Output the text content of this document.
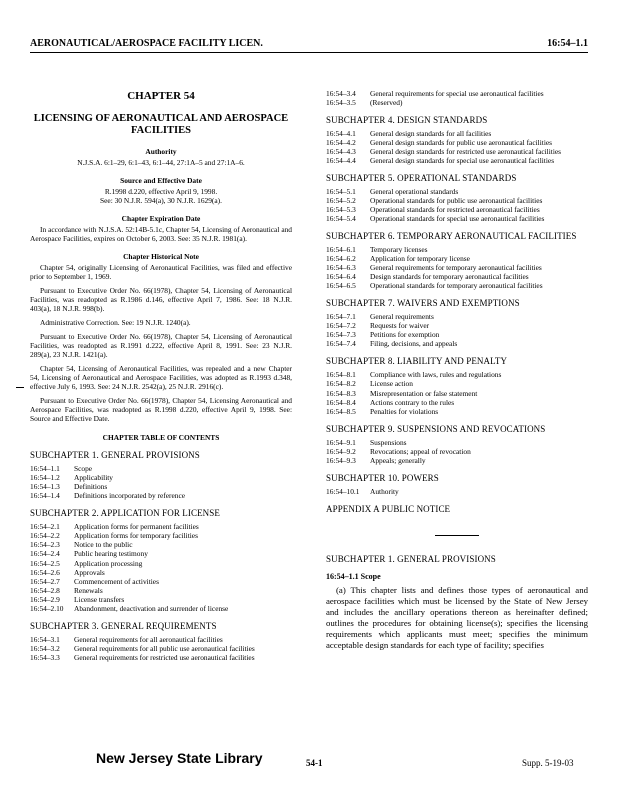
AERONAUTICAL/AEROSPACE FACILITY LICEN.	16:54–1.1
CHAPTER 54
LICENSING OF AERONAUTICAL AND AEROSPACE FACILITIES
Authority
N.J.S.A. 6:1–29, 6:1–43, 6:1–44, 27:1A–5 and 27:1A–6.
Source and Effective Date
R.1998 d.220, effective April 9, 1998.
See: 30 N.J.R. 594(a), 30 N.J.R. 1629(a).
Chapter Expiration Date

In accordance with N.J.S.A. 52:14B-5.1c, Chapter 54, Licensing of Aeronautical and Aerospace Facilities, expires on October 6, 2003. See: 35 N.J.R. 1981(a).

Chapter Historical Note

Chapter 54, originally Licensing of Aeronautical Facilities, was filed and effective prior to September 1, 1969.

Pursuant to Executive Order No. 66(1978), Chapter 54, Licensing of Aeronautical Facilities, was readopted as R.1986 d.146, effective April 7, 1986. See: 18 N.J.R. 403(a), 18 N.J.R. 998(b).

Administrative Correction. See: 19 N.J.R. 1240(a).

Pursuant to Executive Order No. 66(1978), Chapter 54, Licensing of Aeronautical Facilities, was readopted as R.1991 d.222, effective April 8, 1991. See: 23 N.J.R. 289(a), 23 N.J.R. 1421(a).

Chapter 54, Licensing of Aeronautical Facilities, was repealed and a new Chapter 54, Licensing of Aeronautical and Aerospace Facilities, was adopted as R.1993 d.348, effective July 6, 1993. See: 24 N.J.R. 2542(a), 25 N.J.R. 2916(c).

Pursuant to Executive Order No. 66(1978), Chapter 54, Licensing Aeronautical and Aerospace Facilities, was readopted as R.1998 d.220, effective April 9, 1998. See: Source and Effective Date.

CHAPTER TABLE OF CONTENTS
SUBCHAPTER 1. GENERAL PROVISIONS
16:54–1.1	Scope
16:54–1.2	Applicability
16:54–1.3	Definitions
16:54–1.4	Definitions incorporated by reference
SUBCHAPTER 2. APPLICATION FOR LICENSE
16:54–2.1	Application forms for permanent facilities
16:54–2.2	Application forms for temporary facilities
16:54–2.3	Notice to the public
16:54–2.4	Public hearing testimony
16:54–2.5	Application processing
16:54–2.6	Approvals
16:54–2.7	Commencement of activities
16:54–2.8	Renewals
16:54–2.9	License transfers
16:54–2.10	Abandonment, deactivation and surrender of license
SUBCHAPTER 3. GENERAL REQUIREMENTS
16:54–3.1	General requirements for all aeronautical facilities
16:54–3.2	General requirements for all public use aeronautical facilities
16:54–3.3	General requirements for restricted use aeronautical facilities
16:54–3.4	General requirements for special use aeronautical facilities
16:54–3.5	(Reserved)
SUBCHAPTER 4. DESIGN STANDARDS
16:54–4.1	General design standards for all facilities
16:54–4.2	General design standards for public use aeronautical facilities
16:54–4.3	General design standards for restricted use aeronautical facilities
16:54–4.4	General design standards for special use aeronautical facilities
SUBCHAPTER 5. OPERATIONAL STANDARDS
16:54–5.1	General operational standards
16:54–5.2	Operational standards for public use aeronautical facilities
16:54–5.3	Operational standards for restricted aeronautical facilities
16:54–5.4	Operational standards for special use aeronautical facilities
SUBCHAPTER 6. TEMPORARY AERONAUTICAL FACILITIES
16:54–6.1	Temporary licenses
16:54–6.2	Application for temporary license
16:54–6.3	General requirements for temporary aeronautical facilities
16:54–6.4	Design standards for temporary aeronautical facilities
16:54–6.5	Operational standards for temporary aeronautical facilities
SUBCHAPTER 7. WAIVERS AND EXEMPTIONS
16:54–7.1	General requirements
16:54–7.2	Requests for waiver
16:54–7.3	Petitions for exemption
16:54–7.4	Filing, decisions, and appeals
SUBCHAPTER 8. LIABILITY AND PENALTY
16:54–8.1	Compliance with laws, rules and regulations
16:54–8.2	License action
16:54–8.3	Misrepresentation or false statement
16:54–8.4	Actions contrary to the rules
16:54–8.5	Penalties for violations
SUBCHAPTER 9. SUSPENSIONS AND REVOCATIONS
16:54–9.1	Suspensions
16:54–9.2	Revocations; appeal of revocation
16:54–9.3	Appeals; generally
SUBCHAPTER 10. POWERS
16:54–10.1	Authority
APPENDIX A PUBLIC NOTICE
SUBCHAPTER 1. GENERAL PROVISIONS
16:54–1.1 Scope
(a) This chapter lists and defines those types of aeronautical and aerospace facilities which must be licensed by the State of New Jersey and includes the ancillary operations thereon as hereinafter defined; outlines the procedures for obtaining license(s); specifies the licensing requirements which applicants must meet; specifies the minimum acceptable design standards for each type of facility; specifies
New Jersey State Library	54-1	Supp. 5-19-03
